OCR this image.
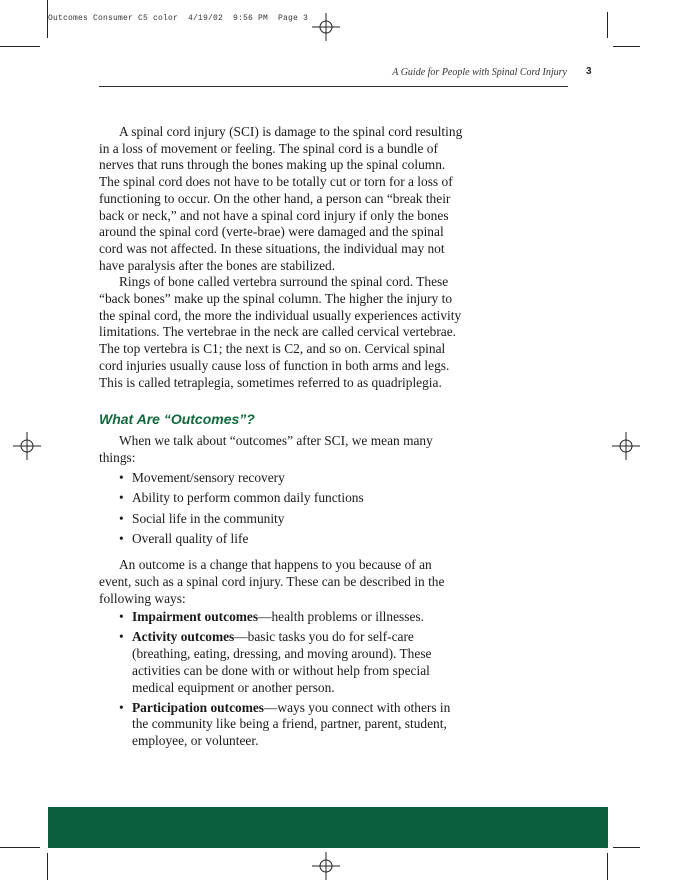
Outcomes Consumer C5 color  4/19/02  9:56 PM  Page 3
A Guide for People with Spinal Cord Injury 3

A spinal cord injury (SCI) is damage to the spinal cord resulting in a loss of movement or feeling. The spinal cord is a bundle of nerves that runs through the bones making up the spinal column. The spinal cord does not have to be totally cut or torn for a loss of functioning to occur. On the other hand, a person can “break their back or neck,” and not have a spinal cord injury if only the bones around the spinal cord (verte-brae) were damaged and the spinal cord was not affected. In these situations, the individual may not have paralysis after the bones are stabilized.

Rings of bone called vertebra surround the spinal cord. These “back bones” make up the spinal column. The higher the injury to the spinal cord, the more the individual usually experiences activity limitations. The vertebrae in the neck are called cervical vertebrae. The top vertebra is C1; the next is C2, and so on. Cervical spinal cord injuries usually cause loss of function in both arms and legs. This is called tetraplegia, sometimes referred to as quadriplegia.

What Are “Outcomes”?

When we talk about “outcomes” after SCI, we mean many things:

• Movement/sensory recovery
• Ability to perform common daily functions
• Social life in the community
• Overall quality of life

An outcome is a change that happens to you because of an event, such as a spinal cord injury. These can be described in the following ways:

• Impairment outcomes—health problems or illnesses.
• Activity outcomes—basic tasks you do for self-care (breathing, eating, dressing, and moving around). These activities can be done with or without help from special medical equipment or another person.
• Participation outcomes—ways you connect with others in the community like being a friend, partner, parent, student, employee, or volunteer.
